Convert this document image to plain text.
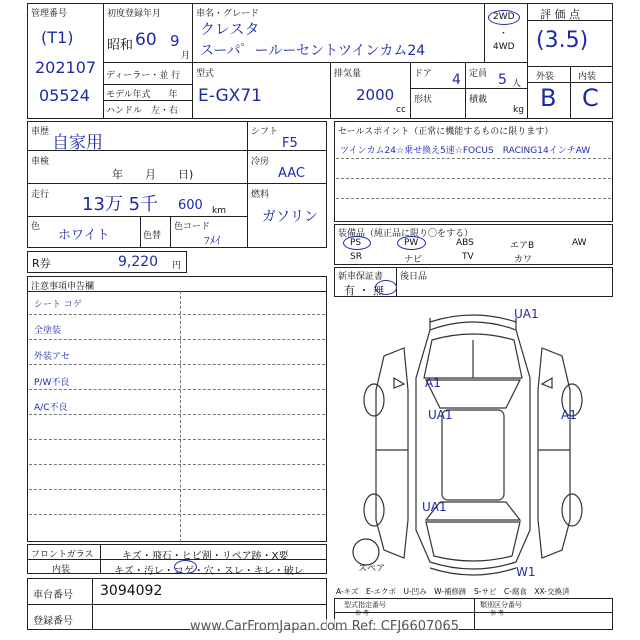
管理番号
(T1)
202107
05524
初度登録年月
昭和 60 9
月
ディーラー・並 行
モデル年式　　年
ハンドル　左・右
車名・グレード
クレスタ
スーパ゜ールーセントツインカム24
2WD
・
4WD
型式
E-GX71
排気量
2000
cc
ドア 4
形状
定員 5 人
積載
kg
評 価 点
(3.5)
外装	内装
B C
車歴
自家用
車検
年　　月　　日)
走行 13万 5千 600 km
色
ホワイト	色替
色コード
ﾌﾒｲ
シフト
F5
冷房
AAC
燃料
ガソリン
R券	9,220 円
セールスポイント（正常に機能するものに限ります）
ツインカム24☆乗せ換え5速☆FOCUS　RACING14インチAW
装備品（純正品に限り〇をする）
PS	PW	ABS	エアB	AW
SR	ナビ	TV	カワ
新車保証書
有 ・ 無
後日品
注意事項申告欄
シート コゲ
全塗装
外装アセ
P/W不良
A/C不良
UA1
A1
UA1	A1
UA1
W1
スペア
A-キズ　E-エクボ　U-凹み　W-補修跡　S-サビ　C-腐食　XX-交換済
フロントガラス	キズ・飛石・ヒビ割・リペア跡・X要
内装	キズ・汚レ・コゲ・穴・スレ・キレ・破レ
車台番号 3094092
登録番号
型式指定番号
参 考
類別区分番号
参 考
www.CarFromJapan.com Ref: CFJ6607065
